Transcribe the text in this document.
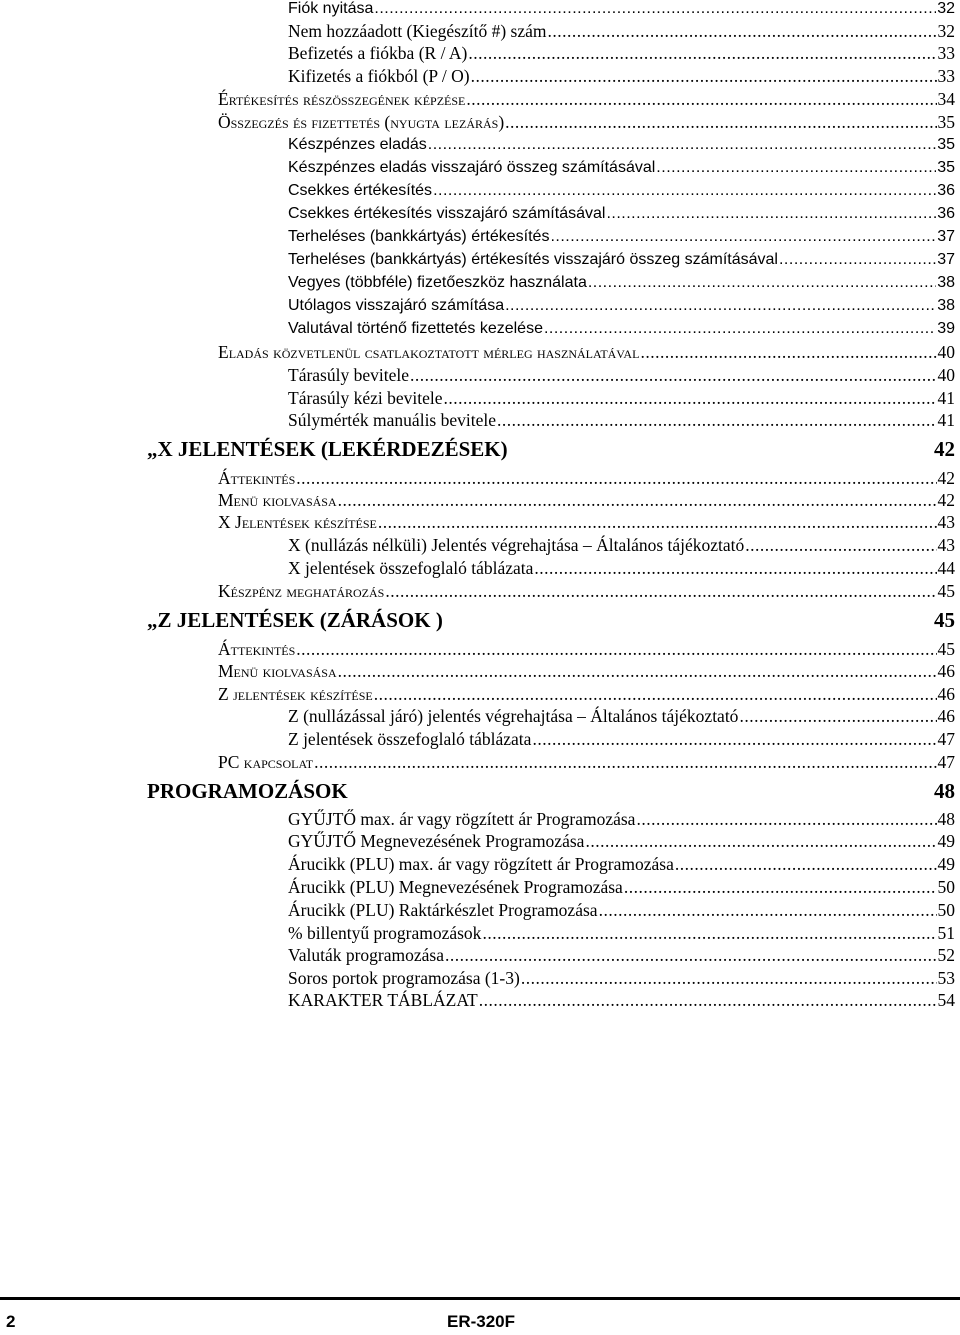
Fiók nyitása .....	32
Nem hozzáadott (Kiegészítő #) szám .....	32
Befizetés a fiókba (R / A) .....	33
Kifizetés a fiókból (P / O) .....	33
Értékesítés részösszegének képzése .....	34
Összegzés és fizettetés (nyugta lezárás) .....	35
Készpénzes eladás .....	35
Készpénzes eladás visszajáró összeg számításával .....	35
Csekkes értékesítés .....	36
Csekkes értékesítés visszajáró számításával .....	36
Terheléses (bankkártyás) értékesítés .....	37
Terheléses (bankkártyás) értékesítés visszajáró összeg számításával .....	37
Vegyes (többféle) fizetőeszköz használata .....	38
Utólagos visszajáró számítása .....	38
Valutával történő fizettetés kezelése .....	39
Eladás közvetlenül csatlakoztatott mérleg használatával .....	40
Tárasúly bevitele .....	40
Tárasúly kézi bevitele .....	41
Súlymérték manuális bevitele .....	41
„X JELENTÉSEK (LEKÉRDEZÉSEK)	42
Áttekintés .....	42
Menü kiolvasása .....	42
X Jelentések készítése .....	43
X (nullázás nélküli) Jelentés végrehajtása – Általános tájékoztató .....	43
X jelentések összefoglaló táblázata .....	44
Készpénz meghatározás .....	45
„Z JELENTÉSEK (ZÁRÁSOK )	45
Áttekintés .....	45
Menü kiolvasása .....	46
Z jelentések készítése .....	46
Z (nullázással járó) jelentés végrehajtása – Általános tájékoztató .....	46
Z jelentések összefoglaló táblázata .....	47
PC kapcsolat .....	47
PROGRAMOZÁSOK	48
GYŰJTŐ max. ár vagy rögzített ár Programozása .....	48
GYŰJTŐ Megnevezésének Programozása .....	49
Árucikk (PLU) max. ár vagy rögzített ár Programozása .....	49
Árucikk (PLU) Megnevezésének Programozása .....	50
Árucikk (PLU) Raktárkészlet Programozása .....	50
% billentyű programozások .....	51
Valuták programozása .....	52
Soros portok programozása (1-3) .....	53
KARAKTER TÁBLÁZAT .....	54
2	ER-320F
